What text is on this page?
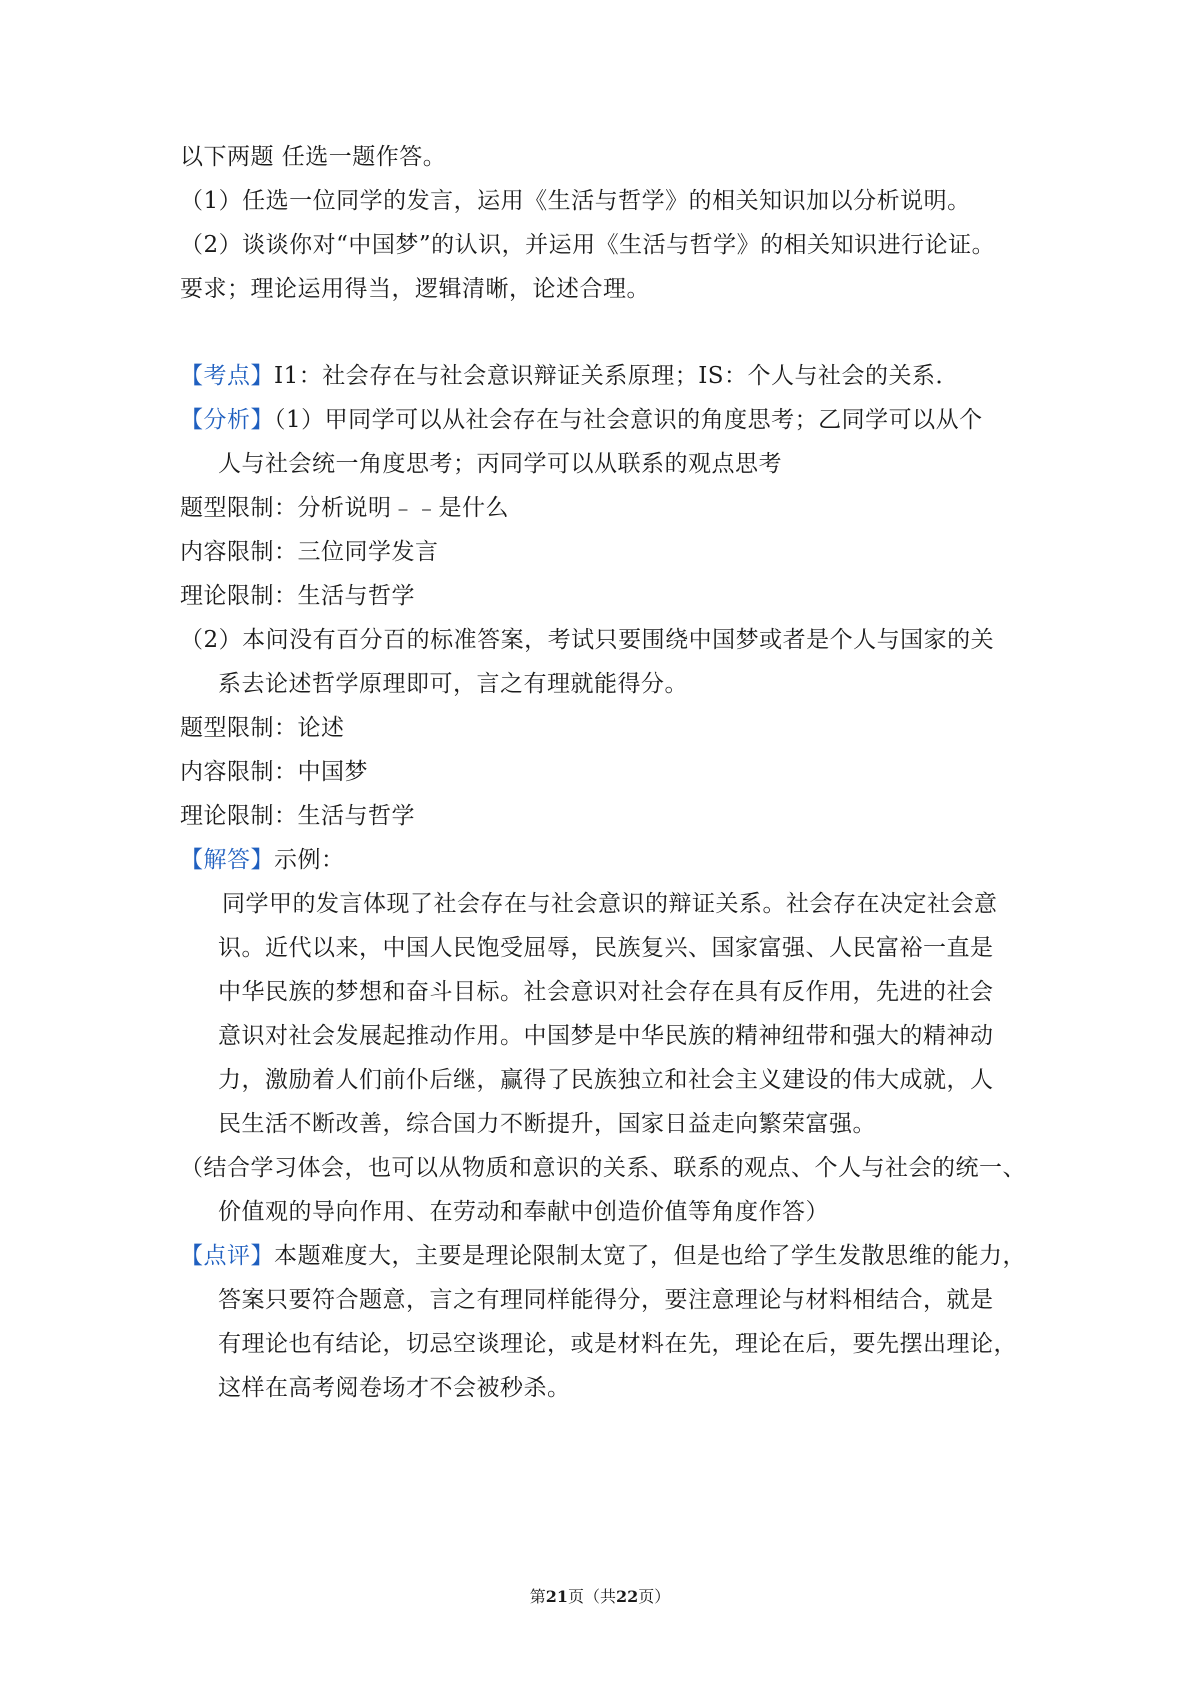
以下两题 任选一题作答。
（1）任选一位同学的发言，运用《生活与哲学》的相关知识加以分析说明。
（2）谈谈你对“中国梦”的认识，并运用《生活与哲学》的相关知识进行论证。
要求；理论运用得当，逻辑清晰，论述合理。
【考点】I1：社会存在与社会意识辩证关系原理；IS：个人与社会的关系．
【分析】（1）甲同学可以从社会存在与社会意识的角度思考；乙同学可以从个
人与社会统一角度思考；丙同学可以从联系的观点思考
题型限制：分析说明﹣﹣是什么
内容限制：三位同学发言
理论限制：生活与哲学
（2）本问没有百分百的标准答案，考试只要围绕中国梦或者是个人与国家的关
系去论述哲学原理即可，言之有理就能得分。
题型限制：论述
内容限制：中国梦
理论限制：生活与哲学
【解答】示例：
同学甲的发言体现了社会存在与社会意识的辩证关系。社会存在决定社会意
识。近代以来，中国人民饱受屈辱，民族复兴、国家富强、人民富裕一直是
中华民族的梦想和奋斗目标。社会意识对社会存在具有反作用，先进的社会
意识对社会发展起推动作用。中国梦是中华民族的精神纽带和强大的精神动
力，激励着人们前仆后继，赢得了民族独立和社会主义建设的伟大成就，人
民生活不断改善，综合国力不断提升，国家日益走向繁荣富强。
（结合学习体会，也可以从物质和意识的关系、联系的观点、个人与社会的统一、
价值观的导向作用、在劳动和奉献中创造价值等角度作答）
【点评】本题难度大，主要是理论限制太宽了，但是也给了学生发散思维的能力，
答案只要符合题意，言之有理同样能得分，要注意理论与材料相结合，就是
有理论也有结论，切忌空谈理论，或是材料在先，理论在后，要先摆出理论，
这样在高考阅卷场才不会被秒杀。
第21页（共22页）
